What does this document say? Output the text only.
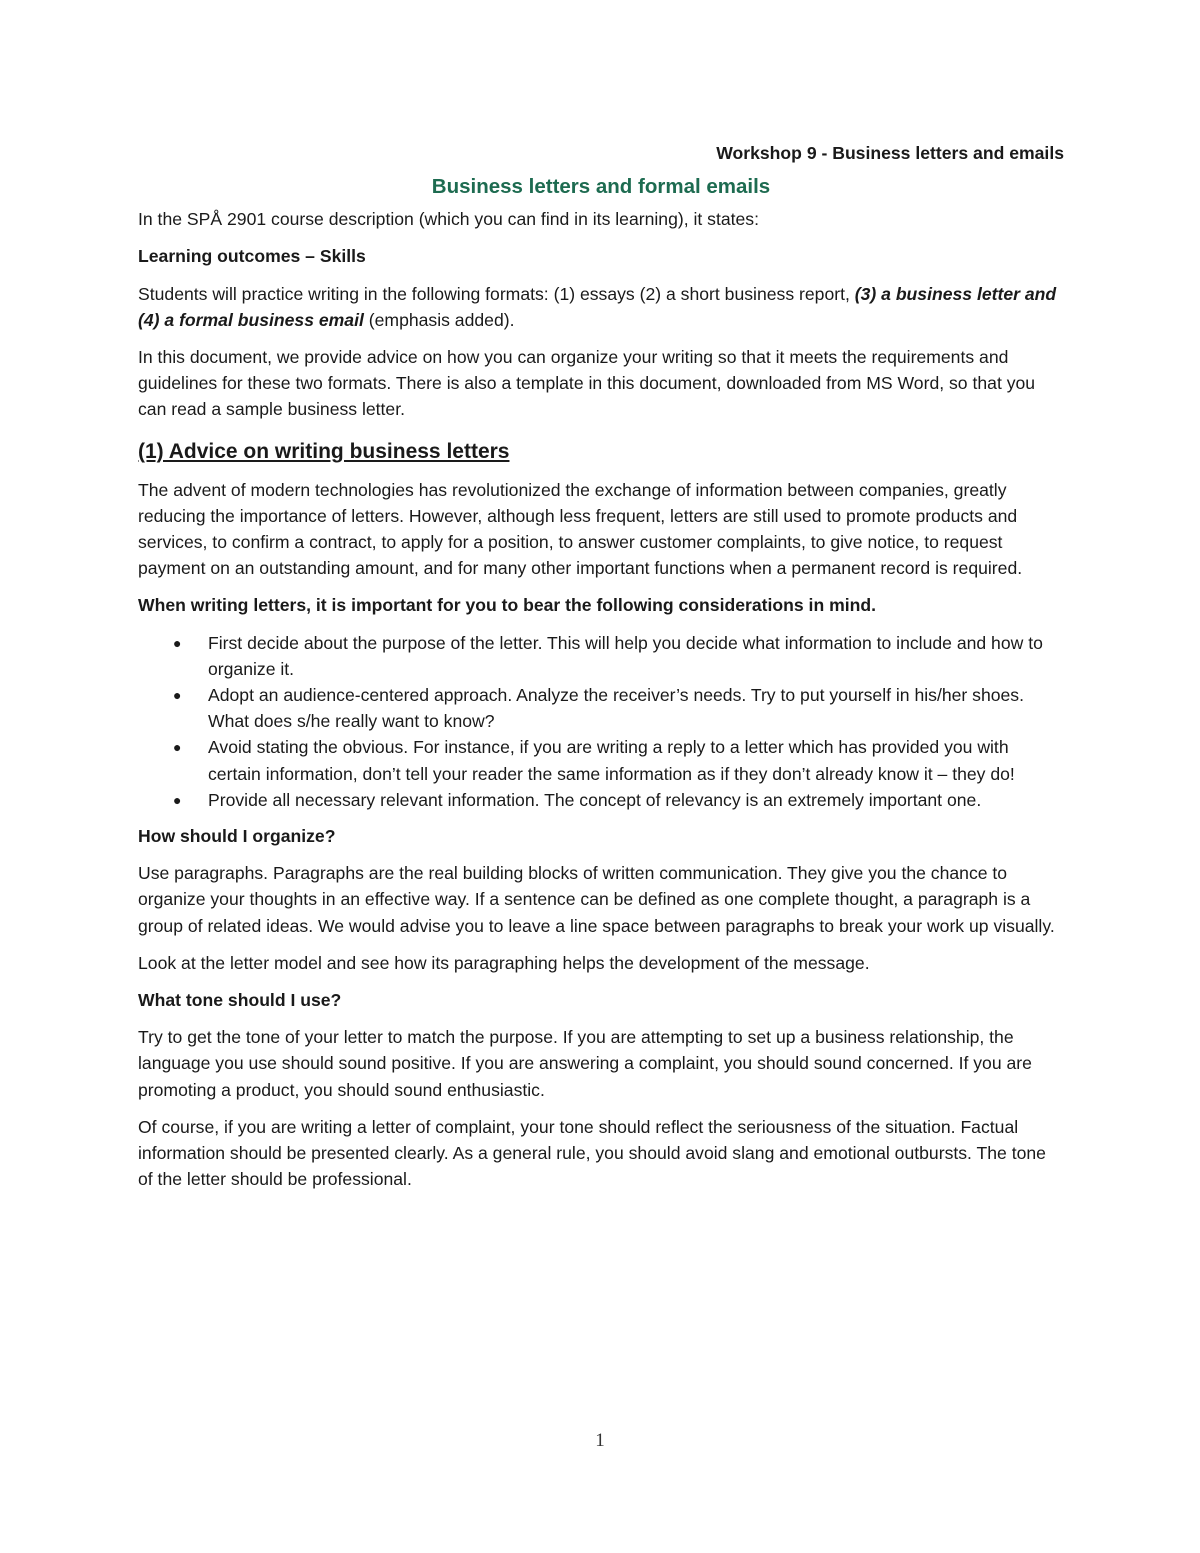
Workshop 9 - Business letters and emails
Business letters and formal emails

In the SPÅ 2901 course description (which you can find in its learning), it states:

Learning outcomes – Skills

Students will practice writing in the following formats: (1) essays (2) a short business report, (3) a business letter and (4) a formal business email (emphasis added).

In this document, we provide advice on how you can organize your writing so that it meets the requirements and guidelines for these two formats. There is also a template in this document, downloaded from MS Word, so that you can read a sample business letter.

(1) Advice on writing business letters

The advent of modern technologies has revolutionized the exchange of information between companies, greatly reducing the importance of letters. However, although less frequent, letters are still used to promote products and services, to confirm a contract, to apply for a position, to answer customer complaints, to give notice, to request payment on an outstanding amount, and for many other important functions when a permanent record is required.

When writing letters, it is important for you to bear the following considerations in mind.

● First decide about the purpose of the letter. This will help you decide what information to include and how to organize it.
● Adopt an audience-centered approach. Analyze the receiver’s needs. Try to put yourself in his/her shoes. What does s/he really want to know?
● Avoid stating the obvious. For instance, if you are writing a reply to a letter which has provided you with certain information, don’t tell your reader the same information as if they don’t already know it – they do!
● Provide all necessary relevant information. The concept of relevancy is an extremely important one.

How should I organize?

Use paragraphs. Paragraphs are the real building blocks of written communication. They give you the chance to organize your thoughts in an effective way. If a sentence can be defined as one complete thought, a paragraph is a group of related ideas. We would advise you to leave a line space between paragraphs to break your work up visually.

Look at the letter model and see how its paragraphing helps the development of the message.

What tone should I use?

Try to get the tone of your letter to match the purpose. If you are attempting to set up a business relationship, the language you use should sound positive. If you are answering a complaint, you should sound concerned. If you are promoting a product, you should sound enthusiastic.

Of course, if you are writing a letter of complaint, your tone should reflect the seriousness of the situation. Factual information should be presented clearly. As a general rule, you should avoid slang and emotional outbursts. The tone of the letter should be professional.

1
